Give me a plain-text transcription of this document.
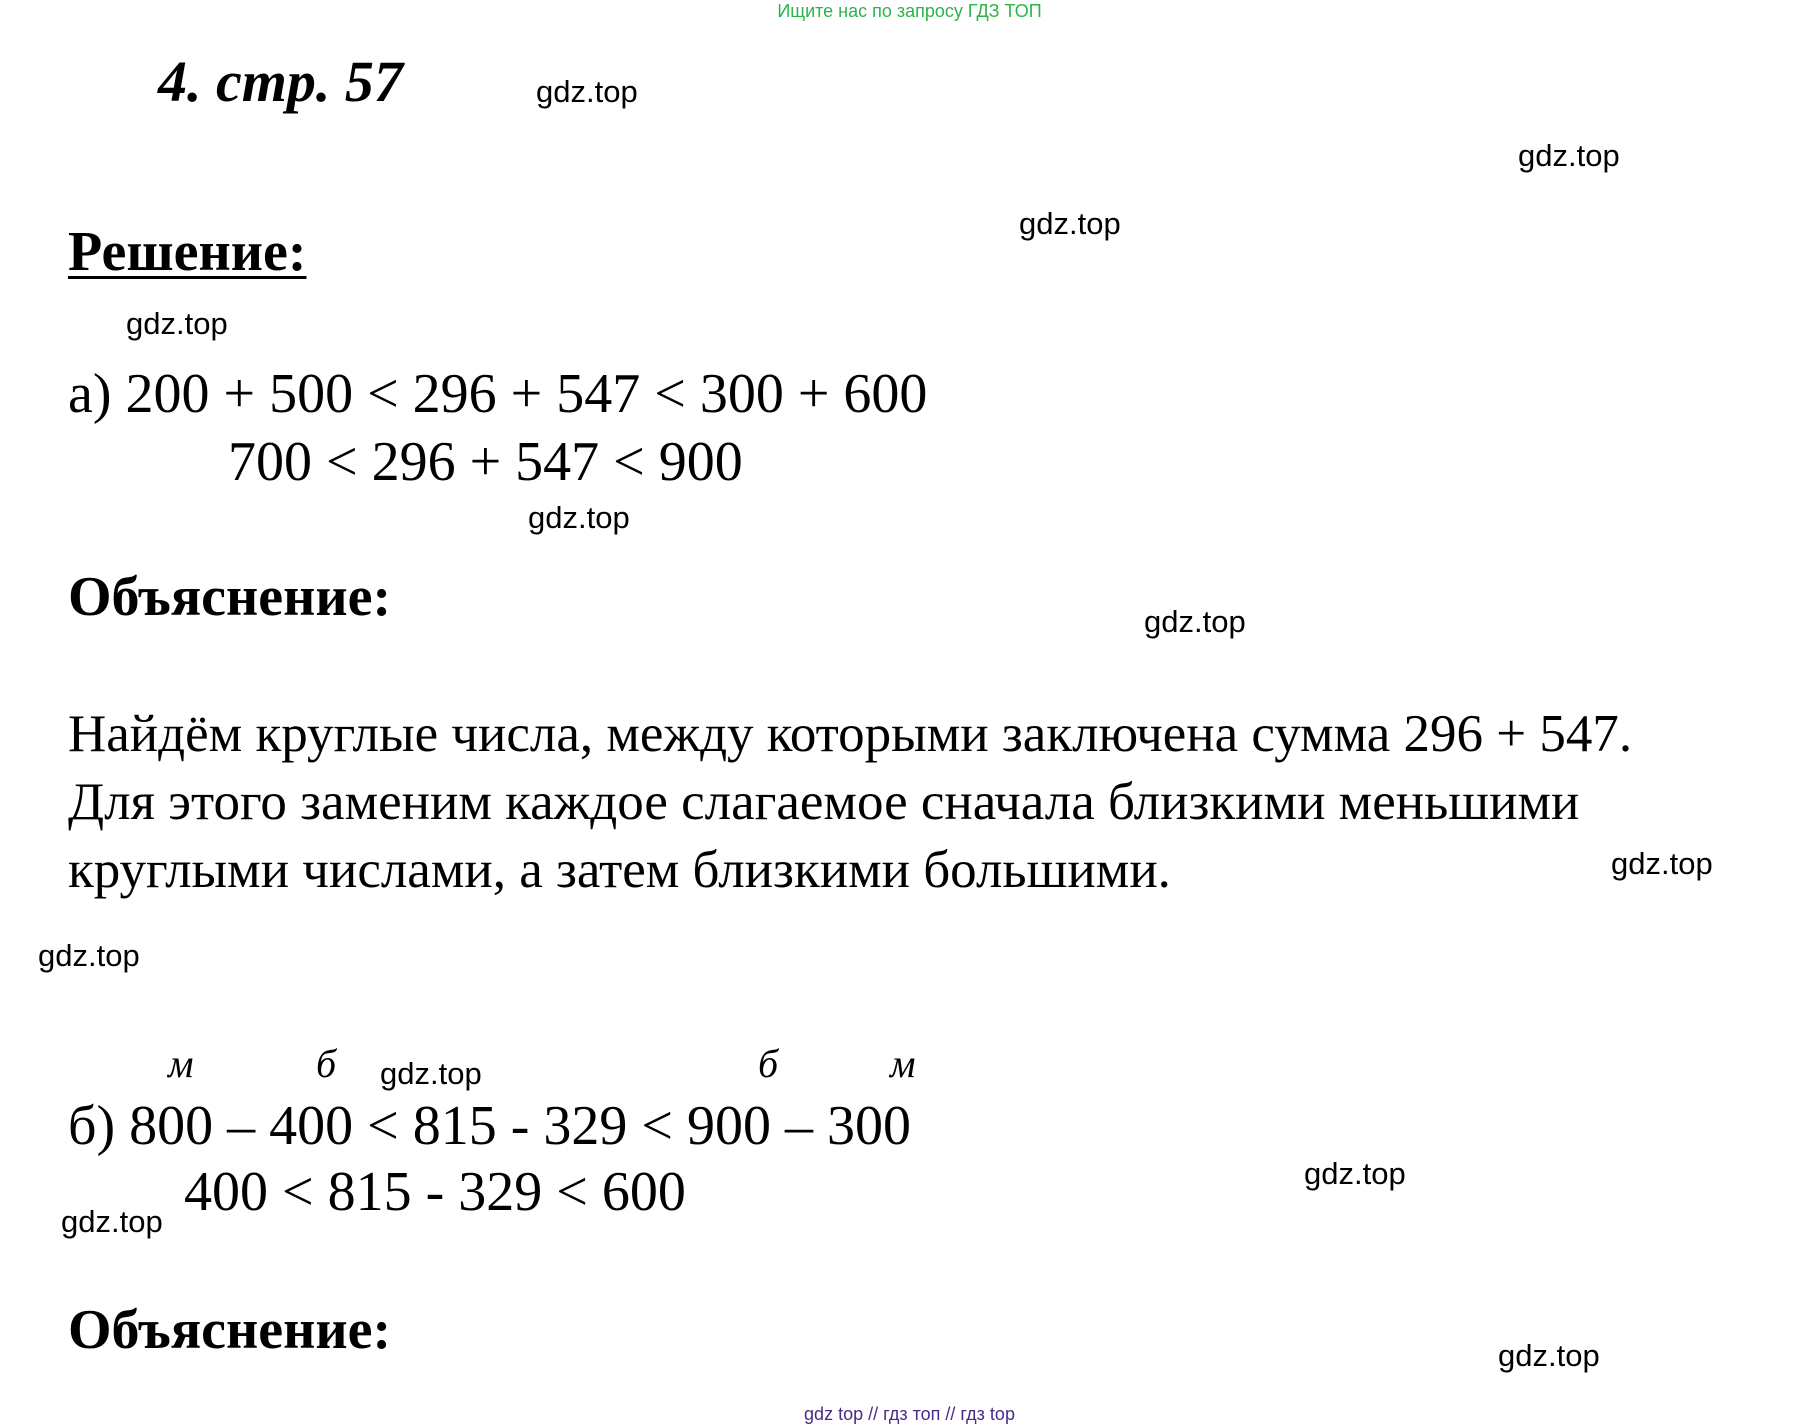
Ищите нас по запросу ГДЗ ТОП
4. стр. 57
Решение:
а) 200 + 500 < 296 + 547 < 300 + 600
700 < 296 + 547 < 900
Объяснение:
Найдём круглые числа, между которыми заключена сумма 296 + 547.
Для этого заменим каждое слагаемое сначала близкими меньшими
круглыми числами, а затем близкими большими.
м	б	б	м
б) 800 – 400 < 815 - 329 < 900 – 300
400 < 815 - 329 < 600
Объяснение:
gdz.top
gdz.top
gdz.top
gdz.top
gdz.top
gdz.top
gdz.top
gdz.top
gdz.top
gdz.top
gdz.top
gdz.top
gdz top // гдз топ // гдз top
